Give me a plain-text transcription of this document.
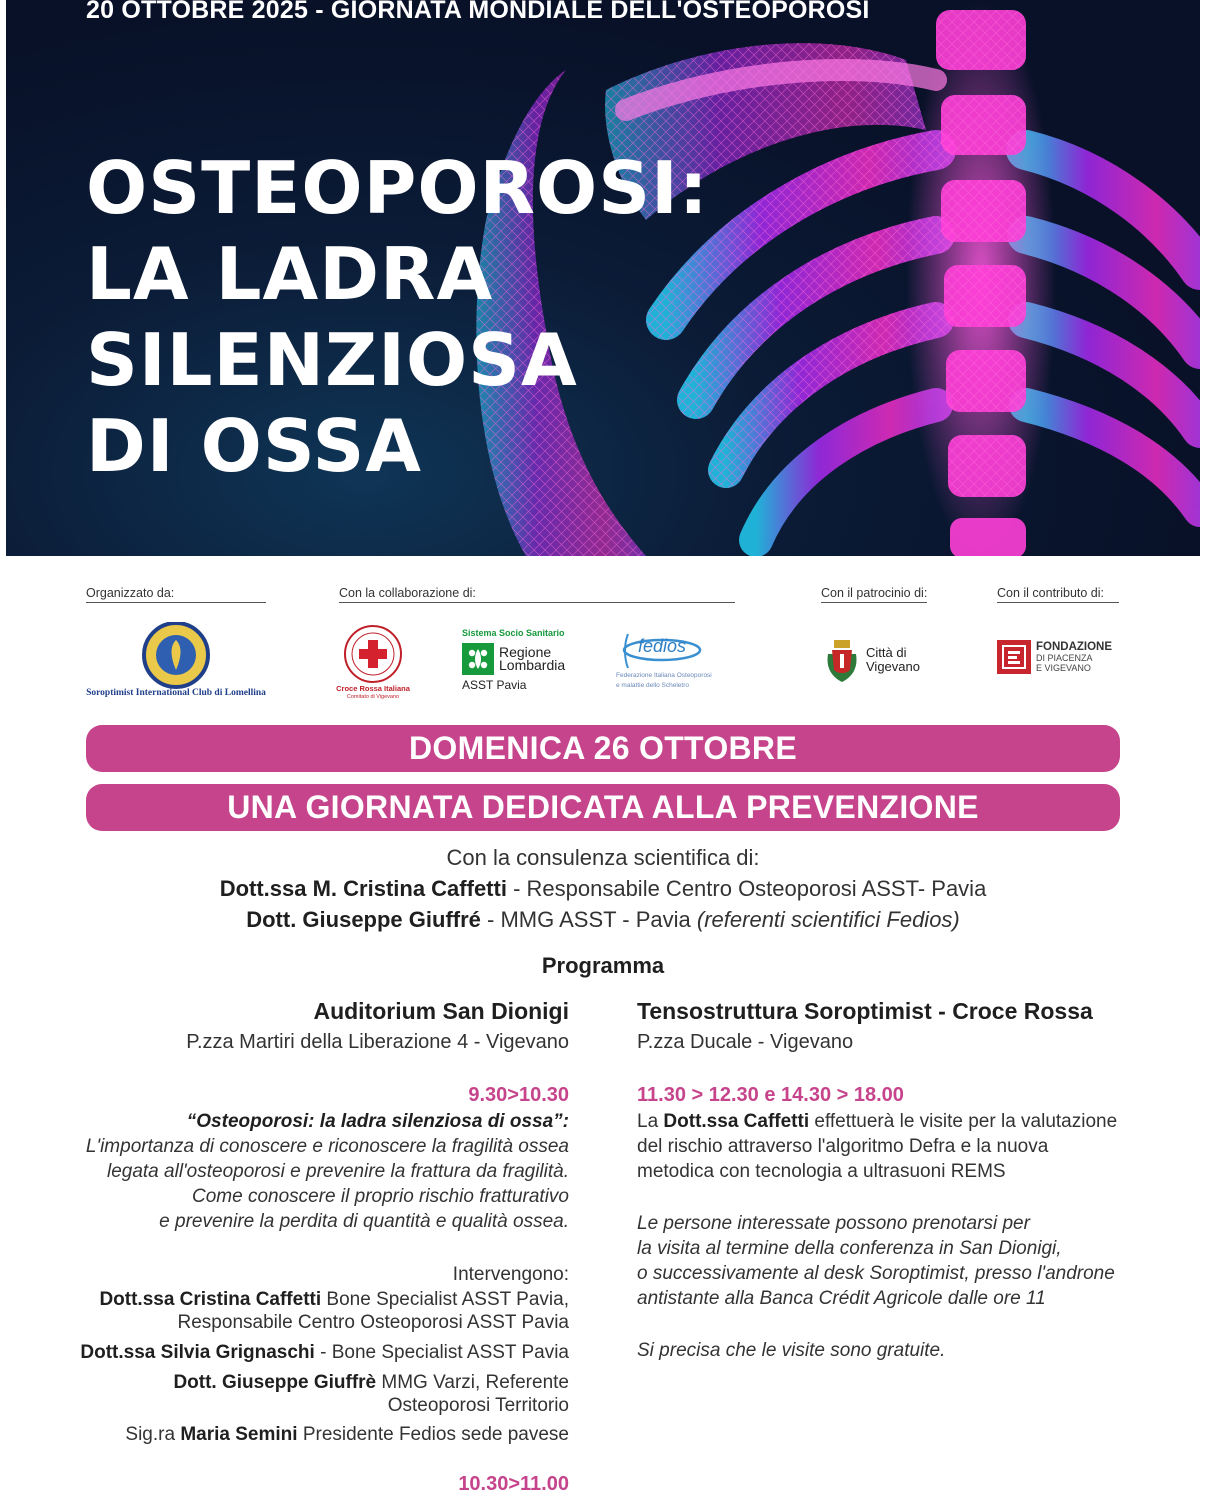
20 OTTOBRE 2025 - GIORNATA MONDIALE DELL'OSTEOPOROSI

OSTEOPOROSI:
LA LADRA
SILENZIOSA
DI OSSA
Organizzato da:	Con la collaborazione di:	Con il patrocinio di:	Con il contributo di:
Soroptimist International Club di Lomellina	Croce Rossa Italiana
Comitato di Vigevano
Sistema Socio Sanitario
Regione
Lombardia
ASST Pavia
fedios
Federazione Italiana Osteoporosi
e malattie dello Scheletro
Città di
Vigevano
FONDAZIONE
DI PIACENZA
E VIGEVANO
DOMENICA 26 OTTOBRE
UNA GIORNATA DEDICATA ALLA PREVENZIONE
Con la consulenza scientifica di:
Dott.ssa M. Cristina Caffetti - Responsabile Centro Osteoporosi ASST- Pavia
Dott. Giuseppe Giuffré - MMG ASST - Pavia (referenti scientifici Fedios)
Programma
Auditorium San Dionigi
P.zza Martiri della Liberazione 4 - Vigevano
9.30>10.30
“Osteoporosi: la ladra silenziosa di ossa”:
L'importanza di conoscere e riconoscere la fragilità ossea
legata all'osteoporosi e prevenire la frattura da fragilità.
Come conoscere il proprio rischio fratturativo
e prevenire la perdita di quantità e qualità ossea.
Intervengono:
Dott.ssa Cristina Caffetti Bone Specialist ASST Pavia,
Responsabile Centro Osteoporosi ASST Pavia
Dott.ssa Silvia Grignaschi - Bone Specialist ASST Pavia
Dott. Giuseppe Giuffrè MMG Varzi, Referente
Osteoporosi Territorio
Sig.ra Maria Semini Presidente Fedios sede pavese
10.30>11.00
Tensostruttura Soroptimist - Croce Rossa
P.zza Ducale - Vigevano
11.30 > 12.30 e 14.30 > 18.00
La Dott.ssa Caffetti effettuerà le visite per la valutazione
del rischio attraverso l'algoritmo Defra e la nuova
metodica con tecnologia a ultrasuoni REMS
Le persone interessate possono prenotarsi per
la visita al termine della conferenza in San Dionigi,
o successivamente al desk Soroptimist, presso l'androne
antistante alla Banca Crédit Agricole dalle ore 11
Si precisa che le visite sono gratuite.
